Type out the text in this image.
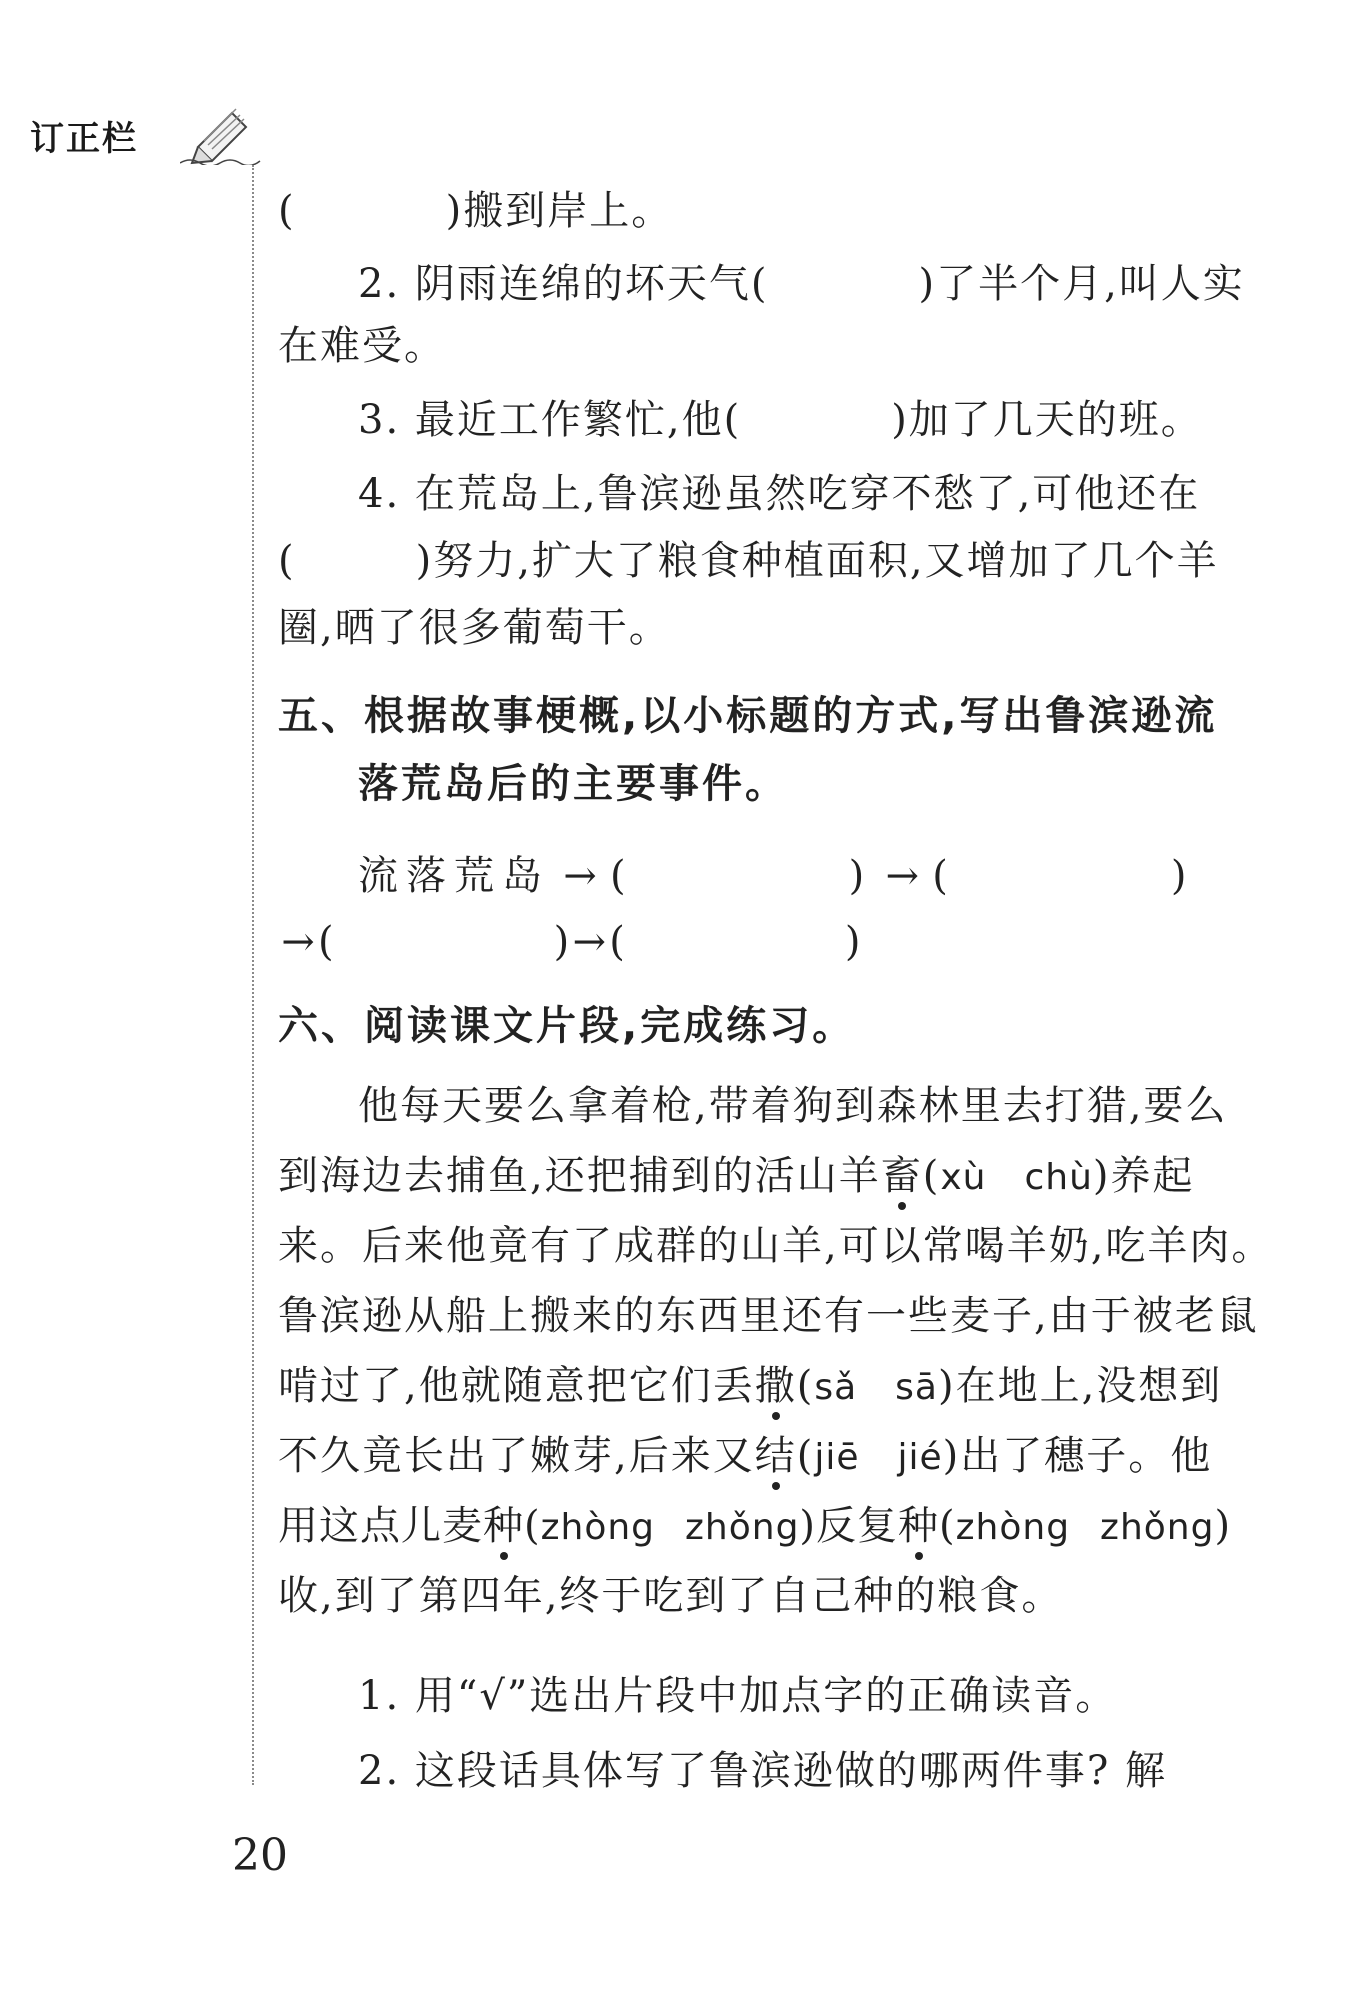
订正栏
(	)搬到岸上。
2. 阴雨连绵的坏天气(	)了半个月,叫人实
在难受。
3. 最近工作繁忙,他(	)加了几天的班。
4. 在荒岛上,鲁滨逊虽然吃穿不愁了,可他还在
(	)努力,扩大了粮食种植面积,又增加了几个羊
圈,晒了很多葡萄干。
五、根据故事梗概,以小标题的方式,写出鲁滨逊流
落荒岛后的主要事件。
流落荒岛 → (	) → (	)
→(	)→(	)
六、阅读课文片段,完成练习。
他每天要么拿着枪,带着狗到森林里去打猎,要么
到海边去捕鱼,还把捕到的活山羊畜(xù chù)养起
来。后来他竟有了成群的山羊,可以常喝羊奶,吃羊肉。
鲁滨逊从船上搬来的东西里还有一些麦子,由于被老鼠
啃过了,他就随意把它们丢撒(sǎ sā)在地上,没想到
不久竟长出了嫩芽,后来又结(jiē jié)出了穗子。他
用这点儿麦种(zhòng zhǒng)反复种(zhòng zhǒng)
收,到了第四年,终于吃到了自己种的粮食。
1. 用“√”选出片段中加点字的正确读音。
2. 这段话具体写了鲁滨逊做的哪两件事? 解
20
